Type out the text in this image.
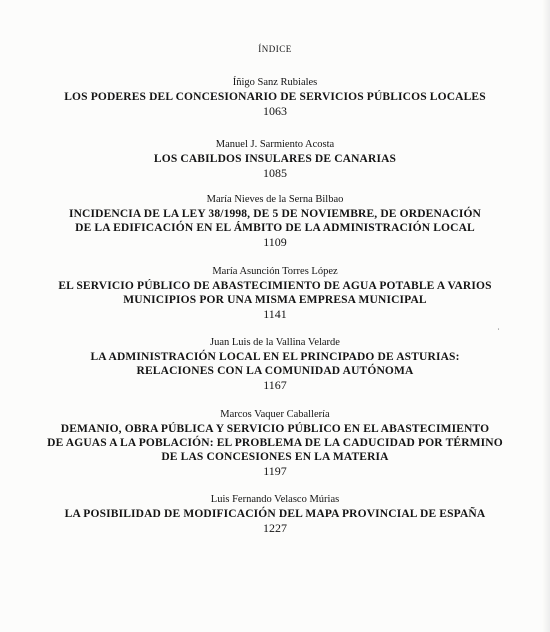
ÍNDICE
Íñigo Sanz Rubiales
LOS PODERES DEL CONCESIONARIO DE SERVICIOS PÚBLICOS LOCALES
1063
Manuel J. Sarmiento Acosta
LOS CABILDOS INSULARES DE CANARIAS
1085
María Nieves de la Serna Bilbao
INCIDENCIA DE LA LEY 38/1998, DE 5 DE NOVIEMBRE, DE ORDENACIÓN
DE LA EDIFICACIÓN EN EL ÁMBITO DE LA ADMINISTRACIÓN LOCAL
1109
María Asunción Torres López
EL SERVICIO PÚBLICO DE ABASTECIMIENTO DE AGUA POTABLE A VARIOS
MUNICIPIOS POR UNA MISMA EMPRESA MUNICIPAL
1141
Juan Luis de la Vallina Velarde
LA ADMINISTRACIÓN LOCAL EN EL PRINCIPADO DE ASTURIAS:
RELACIONES CON LA COMUNIDAD AUTÓNOMA
1167
Marcos Vaquer Caballería
DEMANIO, OBRA PÚBLICA Y SERVICIO PÚBLICO EN EL ABASTECIMIENTO
DE AGUAS A LA POBLACIÓN: EL PROBLEMA DE LA CADUCIDAD POR TÉRMINO
DE LAS CONCESIONES EN LA MATERIA
1197
Luis Fernando Velasco Múrias
LA POSIBILIDAD DE MODIFICACIÓN DEL MAPA PROVINCIAL DE ESPAÑA
1227
⸼
